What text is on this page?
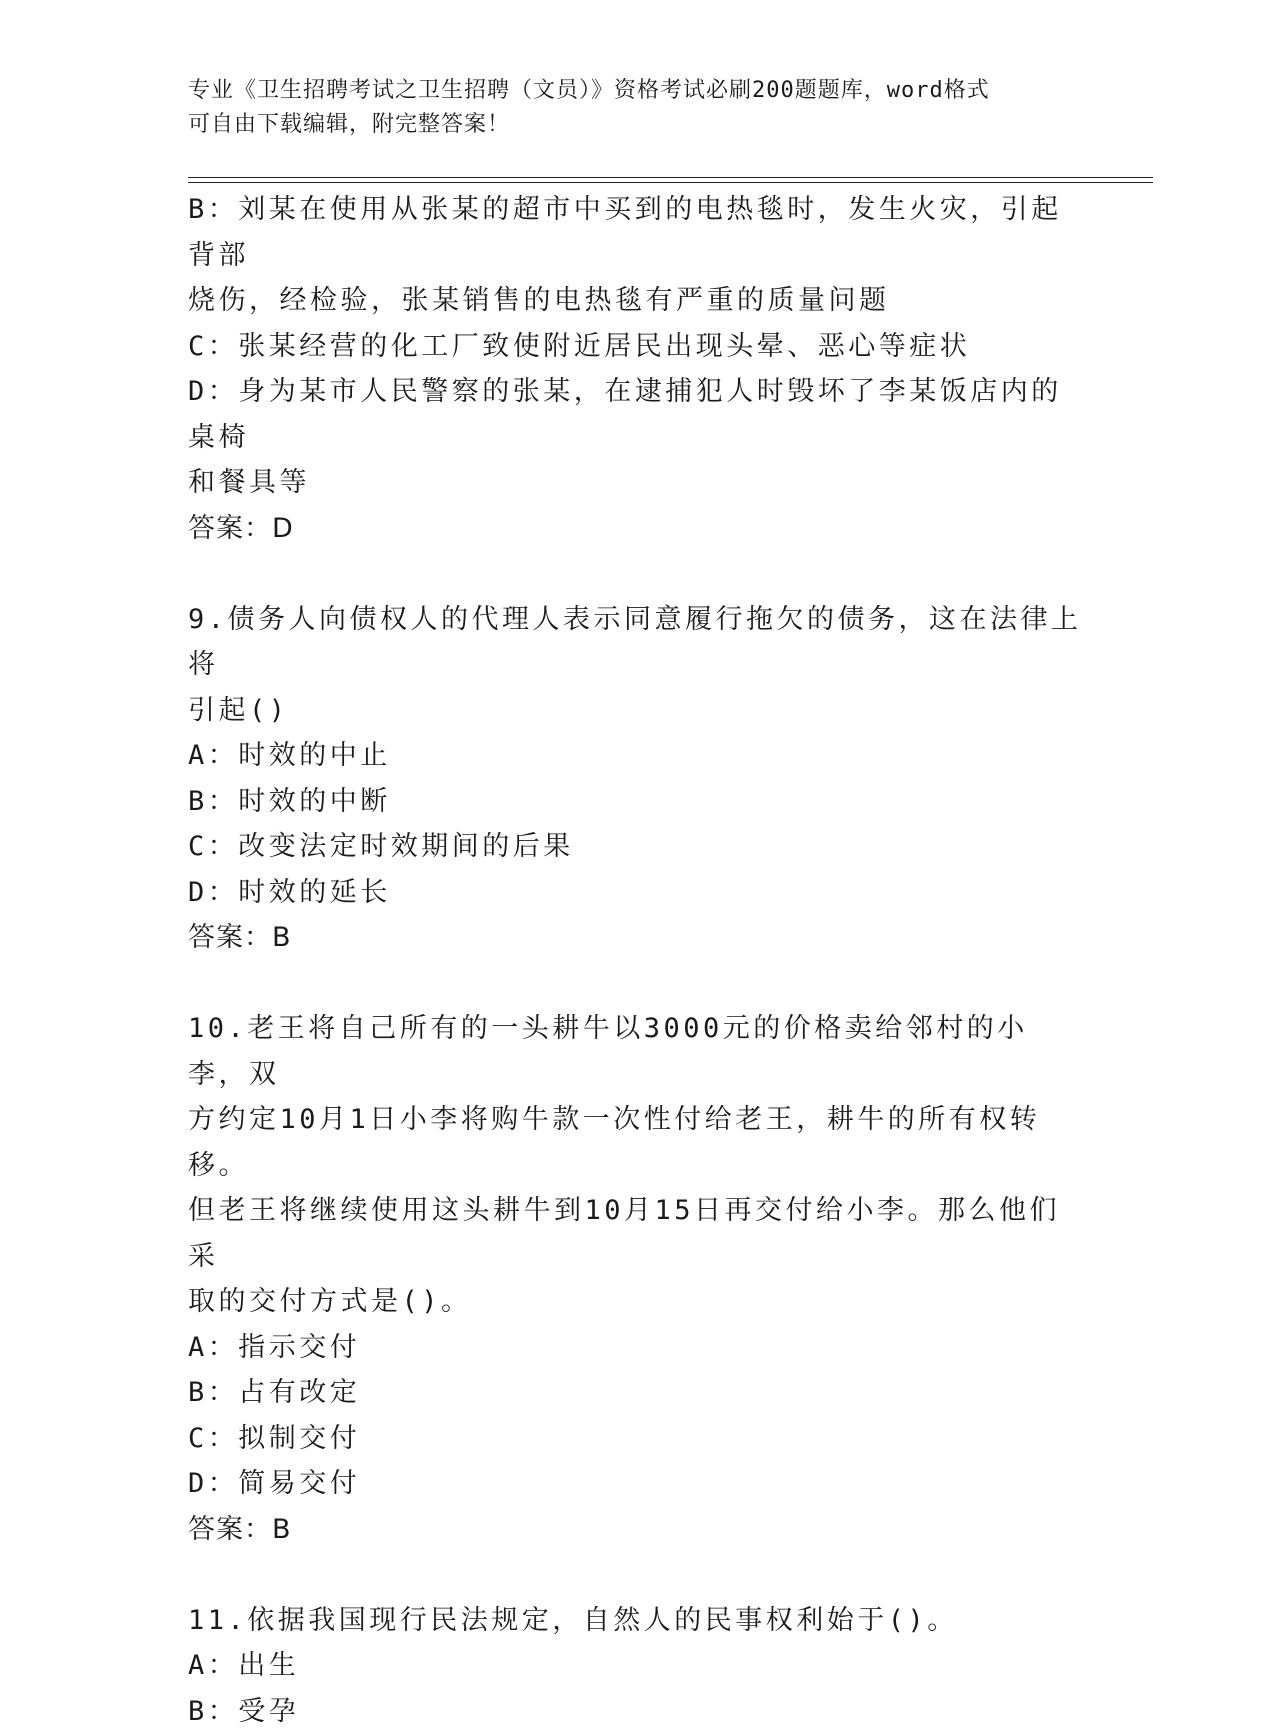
专业《卫生招聘考试之卫生招聘（文员）》资格考试必刷200题题库，word格式

可自由下载编辑，附完整答案！

B：刘某在使用从张某的超市中买到的电热毯时，发生火灾，引起背部

烧伤，经检验，张某销售的电热毯有严重的质量问题

C：张某经营的化工厂致使附近居民出现头晕、恶心等症状

D：身为某市人民警察的张某，在逮捕犯人时毁坏了李某饭店内的桌椅

和餐具等

答案：D

9.债务人向债权人的代理人表示同意履行拖欠的债务，这在法律上将

引起()

A：时效的中止

B：时效的中断

C：改变法定时效期间的后果

D：时效的延长

答案：B

10.老王将自己所有的一头耕牛以3000元的价格卖给邻村的小李，双

方约定10月1日小李将购牛款一次性付给老王，耕牛的所有权转移。

但老王将继续使用这头耕牛到10月15日再交付给小李。那么他们采

取的交付方式是()。

A：指示交付

B：占有改定

C：拟制交付

D：简易交付

答案：B

11.依据我国现行民法规定，自然人的民事权利始于()。

A：出生

B：受孕
